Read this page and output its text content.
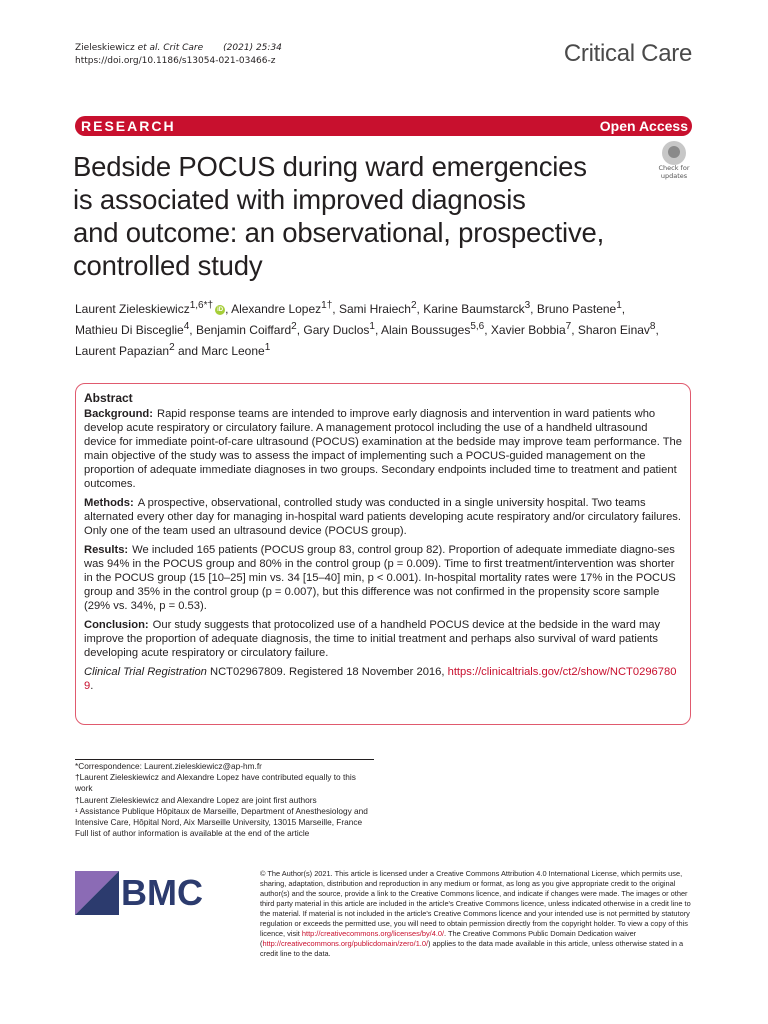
Zieleskiewicz et al. Crit Care (2021) 25:34
https://doi.org/10.1186/s13054-021-03466-z	Critical Care
RESEARCH	Open Access
Check for
updates
Bedside POCUS during ward emergencies
is associated with improved diagnosis
and outcome: an observational, prospective,
controlled study
Laurent Zieleskiewicz$^{1,6*\dagger}$ iD , Alexandre Lopez$^{1\dagger}$, Sami Hraiech$^2$, Karine Baumstarck$^3$, Bruno Pastene$^1$,
Mathieu Di Bisceglie$^4$, Benjamin Coiffard$^2$, Gary Duclos$^1$, Alain Boussuges$^{5,6}$, Xavier Bobbia$^7$, Sharon Einav$^8$,
Laurent Papazian$^2$ and Marc Leone$^1$
Abstract

Background: Rapid response teams are intended to improve early diagnosis and intervention in ward patients who develop acute respiratory or circulatory failure. A management protocol including the use of a handheld ultrasound device for immediate point-of-care ultrasound (POCUS) examination at the bedside may improve team performance. The main objective of the study was to assess the impact of implementing such a POCUS-guided management on the proportion of adequate immediate diagnoses in two groups. Secondary endpoints included time to treatment and patient outcomes.

Methods: A prospective, observational, controlled study was conducted in a single university hospital. Two teams alternated every other day for managing in-hospital ward patients developing acute respiratory and/or circulatory failures. Only one of the team used an ultrasound device (POCUS group).

Results: We included 165 patients (POCUS group 83, control group 82). Proportion of adequate immediate diagno-ses was 94% in the POCUS group and 80% in the control group (p = 0.009). Time to first treatment/intervention was shorter in the POCUS group (15 [10–25] min vs. 34 [15–40] min, p < 0.001). In-hospital mortality rates were 17% in the POCUS group and 35% in the control group (p = 0.007), but this difference was not confirmed in the propensity score sample (29% vs. 34%, p = 0.53).

Conclusion: Our study suggests that protocolized use of a handheld POCUS device at the bedside in the ward may improve the proportion of adequate diagnosis, the time to initial treatment and perhaps also survival of ward patients developing acute respiratory or circulatory failure.

Clinical Trial Registration NCT02967809. Registered 18 November 2016, https://clinicaltrials.gov/ct2/show/NCT0296780 9.

*Correspondence: Laurent.zieleskiewicz@ap-hm.fr
†Laurent Zieleskiewicz and Alexandre Lopez have contributed equally to this work
†Laurent Zieleskiewicz and Alexandre Lopez are joint first authors
¹ Assistance Publique Hôpitaux de Marseille, Department of Anesthesiology and Intensive Care, Hôpital Nord, Aix Marseille University, 13015 Marseille, France
Full list of author information is available at the end of the article
BMC	© The Author(s) 2021. This article is licensed under a Creative Commons Attribution 4.0 International License, which permits use, sharing, adaptation, distribution and reproduction in any medium or format, as long as you give appropriate credit to the original author(s) and the source, provide a link to the Creative Commons licence, and indicate if changes were made. The images or other third party material in this article are included in the article's Creative Commons licence, unless indicated otherwise in a credit line to the material. If material is not included in the article's Creative Commons licence and your intended use is not permitted by statutory regulation or exceeds the permitted use, you will need to obtain permission directly from the copyright holder. To view a copy of this licence, visit http://creativecommons.org/licenses/by/4.0/. The Creative Commons Public Domain Dedication waiver (http://creativecommons.org/publicdomain/zero/1.0/) applies to the data made available in this article, unless otherwise stated in a credit line to the data.
